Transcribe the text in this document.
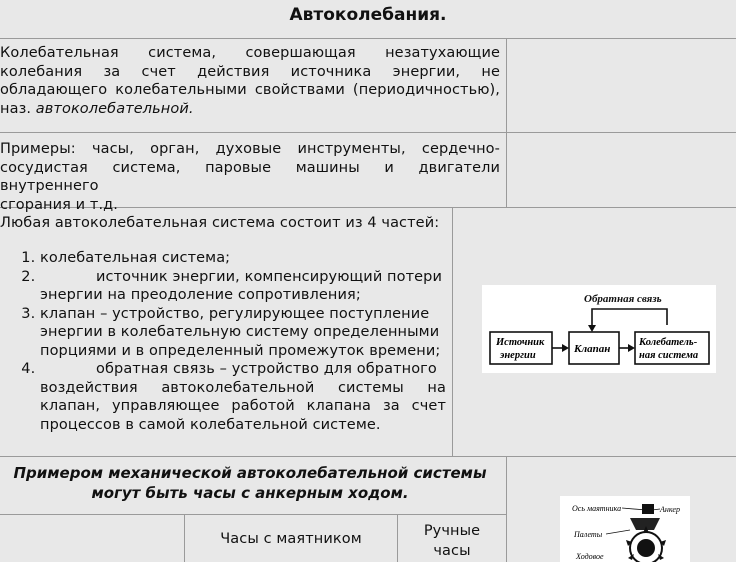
Автоколебания.
Колебательная система, совершающая незатухающие
колебания за счет действия источника энергии, не
обладающего колебательными свойствами (периодичностью),

наз. автоколебательной.

Примеры: часы, орган, духовые инструменты, сердечно-
сосудистая система, паровые машины и двигатели внутреннего

сгорания и т.д.

Любая автоколебательная система состоит из 4 частей:
1. колебательная система;
2. источник энергии, компенсирующий потери
энергии на преодоление сопротивления;
3. клапан – устройство, регулирующее поступление
энергии в колебательную систему определенными порциями и в определенный промежуток времени;
4. обратная связь – устройство для обратного
воздействия автоколебательной системы на клапан, управляющее работой клапана за счет процессов в самой колебательной системе.
Обратная связь
Источник
энергии
Клапан
Колебатель-
ная система
Примером механической автоколебательной системы
могут быть часы с анкерным ходом.
Часы с маятником	Ручные
часы
Ось маятника	Анкер
Палеты
Ходовое
